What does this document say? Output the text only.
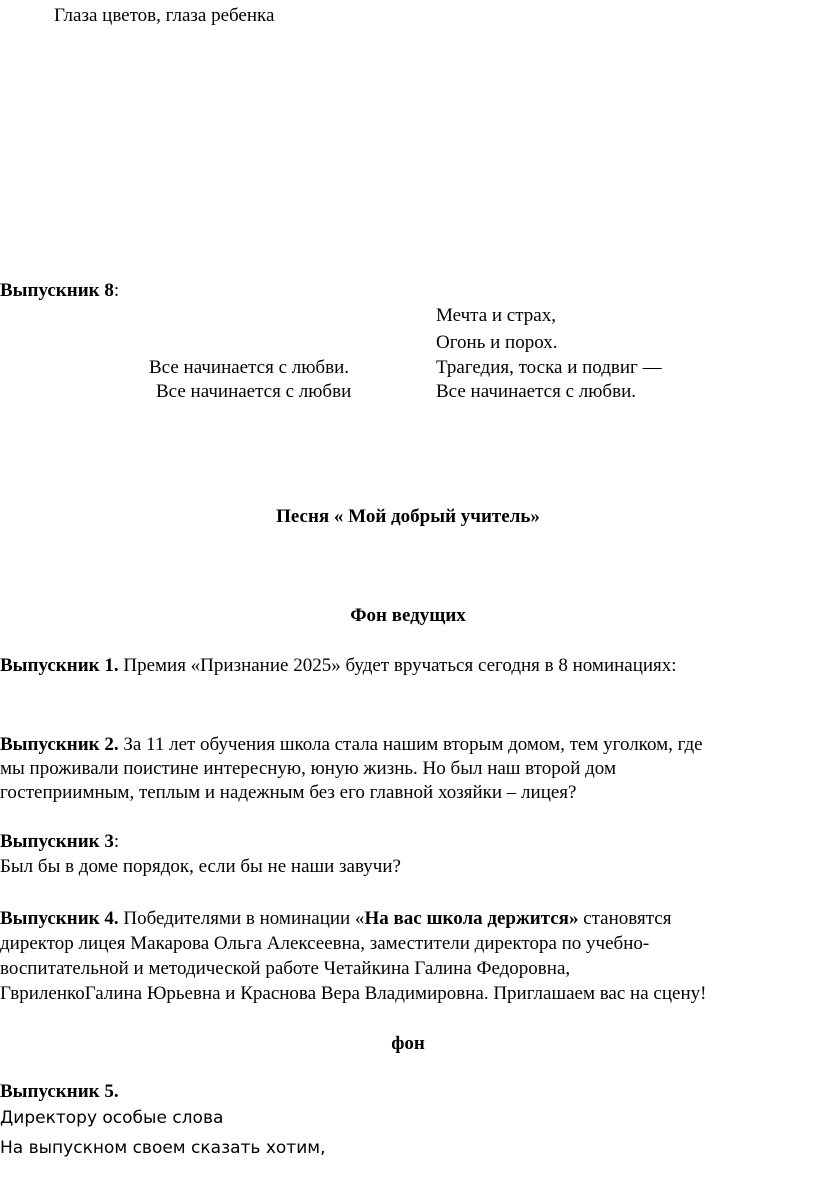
Глаза цветов, глаза ребенка
Выпускник 8:
Мечта и страх,
Огонь и порох.
Трагедия, тоска и подвиг —
Все начинается с любви.
Все начинается с любви.
Все начинается с любви
Песня « Мой добрый учитель»
Фон ведущих
Выпускник 1. Премия «Признание 2025» будет вручаться сегодня в 8 номинациях:
Выпускник 2. За 11 лет обучения школа стала нашим вторым домом, тем уголком, где
мы проживали поистине интересную, юную жизнь. Но был наш второй дом
гостеприимным, теплым и надежным без его главной хозяйки – лицея?
Выпускник 3:
Был бы в доме порядок, если бы не наши завучи?
Выпускник 4. Победителями в номинации «На вас школа держится» становятся
директор лицея Макарова Ольга Алексеевна, заместители директора по учебно-
воспитательной и методической работе Четайкина Галина Федоровна,
ГвриленкоГалина Юрьевна и Краснова Вера Владимировна. Приглашаем вас на сцену!
фон
Выпускник 5.
Директору особые слова
На выпускном своем сказать хотим,
